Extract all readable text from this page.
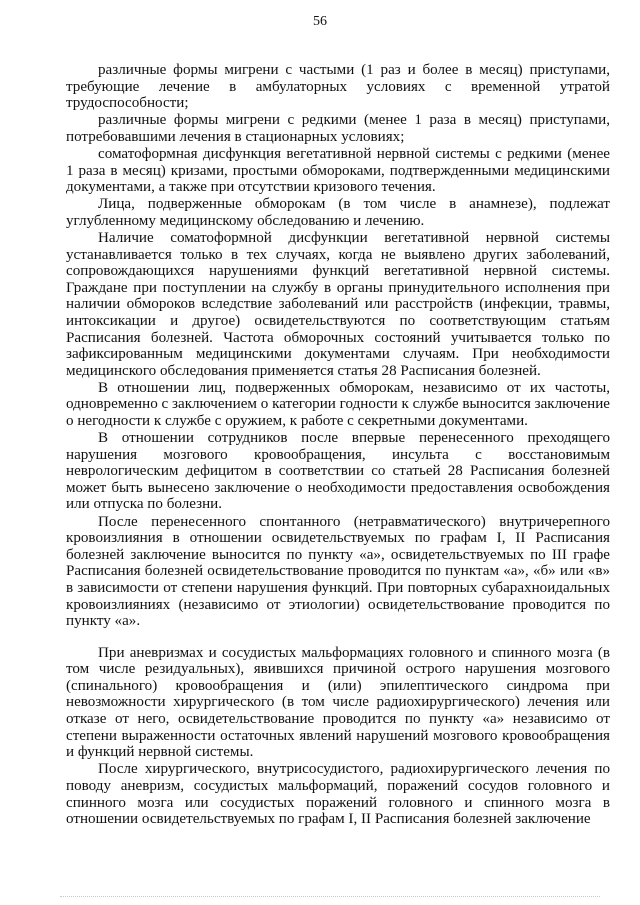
56

различные формы мигрени с частыми (1 раз и более в месяц) приступами, требующие лечение в амбулаторных условиях с временной утратой трудоспособности;

различные формы мигрени с редкими (менее 1 раза в месяц) приступами, потребовавшими лечения в стационарных условиях;

соматоформная дисфункция вегетативной нервной системы с редкими (менее 1 раза в месяц) кризами, простыми обмороками, подтвержденными медицинскими документами, а также при отсутствии кризового течения.

Лица, подверженные обморокам (в том числе в анамнезе), подлежат углубленному медицинскому обследованию и лечению.

Наличие соматоформной дисфункции вегетативной нервной системы устанавливается только в тех случаях, когда не выявлено других заболеваний, сопровождающихся нарушениями функций вегетативной нервной системы. Граждане при поступлении на службу в органы принудительного исполнения при наличии обмороков вследствие заболеваний или расстройств (инфекции, травмы, интоксикации и другое) освидетельствуются по соответствующим статьям Расписания болезней. Частота обморочных состояний учитывается только по зафиксированным медицинскими документами случаям. При необходимости медицинского обследования применяется статья 28 Расписания болезней.

В отношении лиц, подверженных обморокам, независимо от их частоты, одновременно с заключением о категории годности к службе выносится заключение о негодности к службе с оружием, к работе с секретными документами.

В отношении сотрудников после впервые перенесенного преходящего нарушения мозгового кровообращения, инсульта с восстановимым неврологическим дефицитом в соответствии со статьей 28 Расписания болезней может быть вынесено заключение о необходимости предоставления освобождения или отпуска по болезни.

После перенесенного спонтанного (нетравматического) внутричерепного кровоизлияния в отношении освидетельствуемых по графам I, II Расписания болезней заключение выносится по пункту «а», освидетельствуемых по III графе Расписания болезней освидетельствование проводится по пунктам «а», «б» или «в» в зависимости от степени нарушения функций. При повторных субарахноидальных кровоизлияниях (независимо от этиологии) освидетельствование проводится по пункту «а».

При аневризмах и сосудистых мальформациях головного и спинного мозга (в том числе резидуальных), явившихся причиной острого нарушения мозгового (спинального) кровообращения и (или) эпилептического синдрома при невозможности хирургического (в том числе радиохирургического) лечения или отказе от него, освидетельствование проводится по пункту «а» независимо от степени выраженности остаточных явлений нарушений мозгового кровообращения и функций нервной системы.

После хирургического, внутрисосудистого, радиохирургического лечения по поводу аневризм, сосудистых мальформаций, поражений сосудов головного и спинного мозга или сосудистых поражений головного и спинного мозга в отношении освидетельствуемых по графам I, II Расписания болезней заключение
